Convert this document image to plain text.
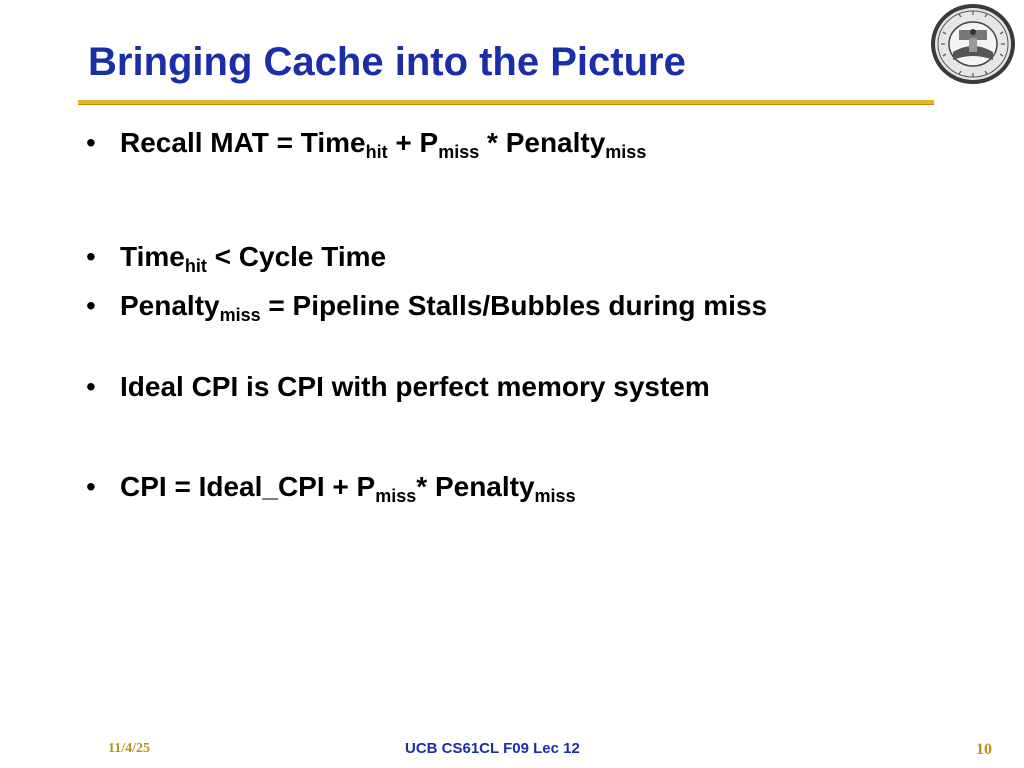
Bringing Cache into the Picture
• Recall MAT = Time$_{hit}$ + $P_{miss}$ * Penalty$_{miss}$
• Time$_{hit}$ < Cycle Time
• Penalty$_{miss}$ = Pipeline Stalls/Bubbles during miss
• Ideal CPI is CPI with perfect memory system
• CPI = Ideal_CPI + $P_{miss}*$ Penalty$_{miss}$
11/4/25	UCB CS61CL F09 Lec 12	10
